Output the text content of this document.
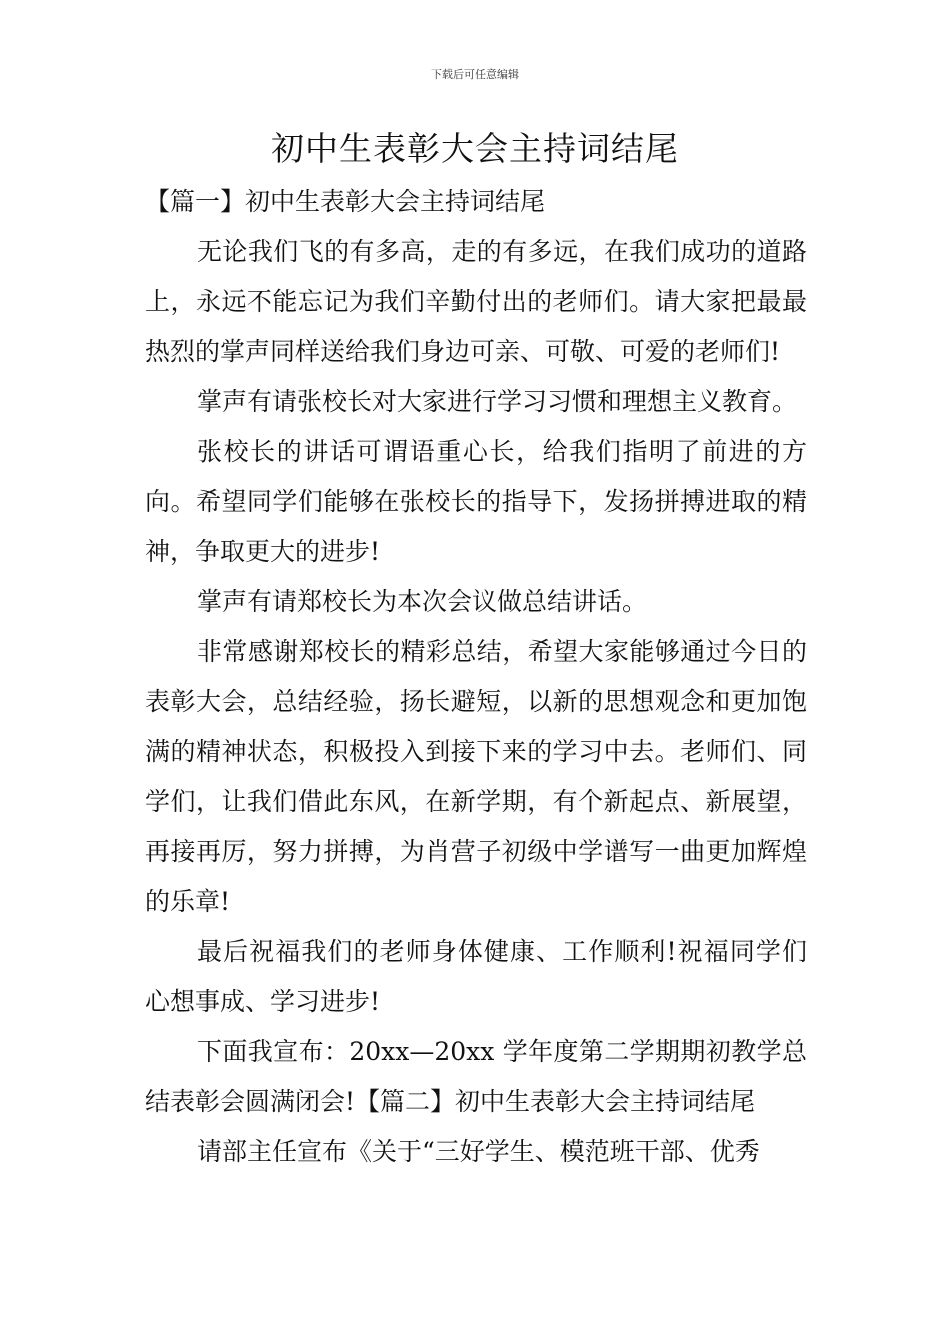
下载后可任意编辑
初中生表彰大会主持词结尾

【篇一】初中生表彰大会主持词结尾

无论我们飞的有多高，走的有多远，在我们成功的道路上，永远不能忘记为我们辛勤付出的老师们。请大家把最最热烈的掌声同样送给我们身边可亲、可敬、可爱的老师们!

掌声有请张校长对大家进行学习习惯和理想主义教育。

张校长的讲话可谓语重心长，给我们指明了前进的方向。希望同学们能够在张校长的指导下，发扬拼搏进取的精神，争取更大的进步!

掌声有请郑校长为本次会议做总结讲话。

非常感谢郑校长的精彩总结，希望大家能够通过今日的表彰大会，总结经验，扬长避短，以新的思想观念和更加饱满的精神状态，积极投入到接下来的学习中去。老师们、同学们，让我们借此东风，在新学期，有个新起点、新展望，再接再厉，努力拼搏，为肖营子初级中学谱写一曲更加辉煌的乐章!

最后祝福我们的老师身体健康、工作顺利!祝福同学们心想事成、学习进步!

下面我宣布：20xx—20xx 学年度第二学期期初教学总结表彰会圆满闭会!【篇二】初中生表彰大会主持词结尾

请部主任宣布《关于“三好学生、模范班干部、优秀
